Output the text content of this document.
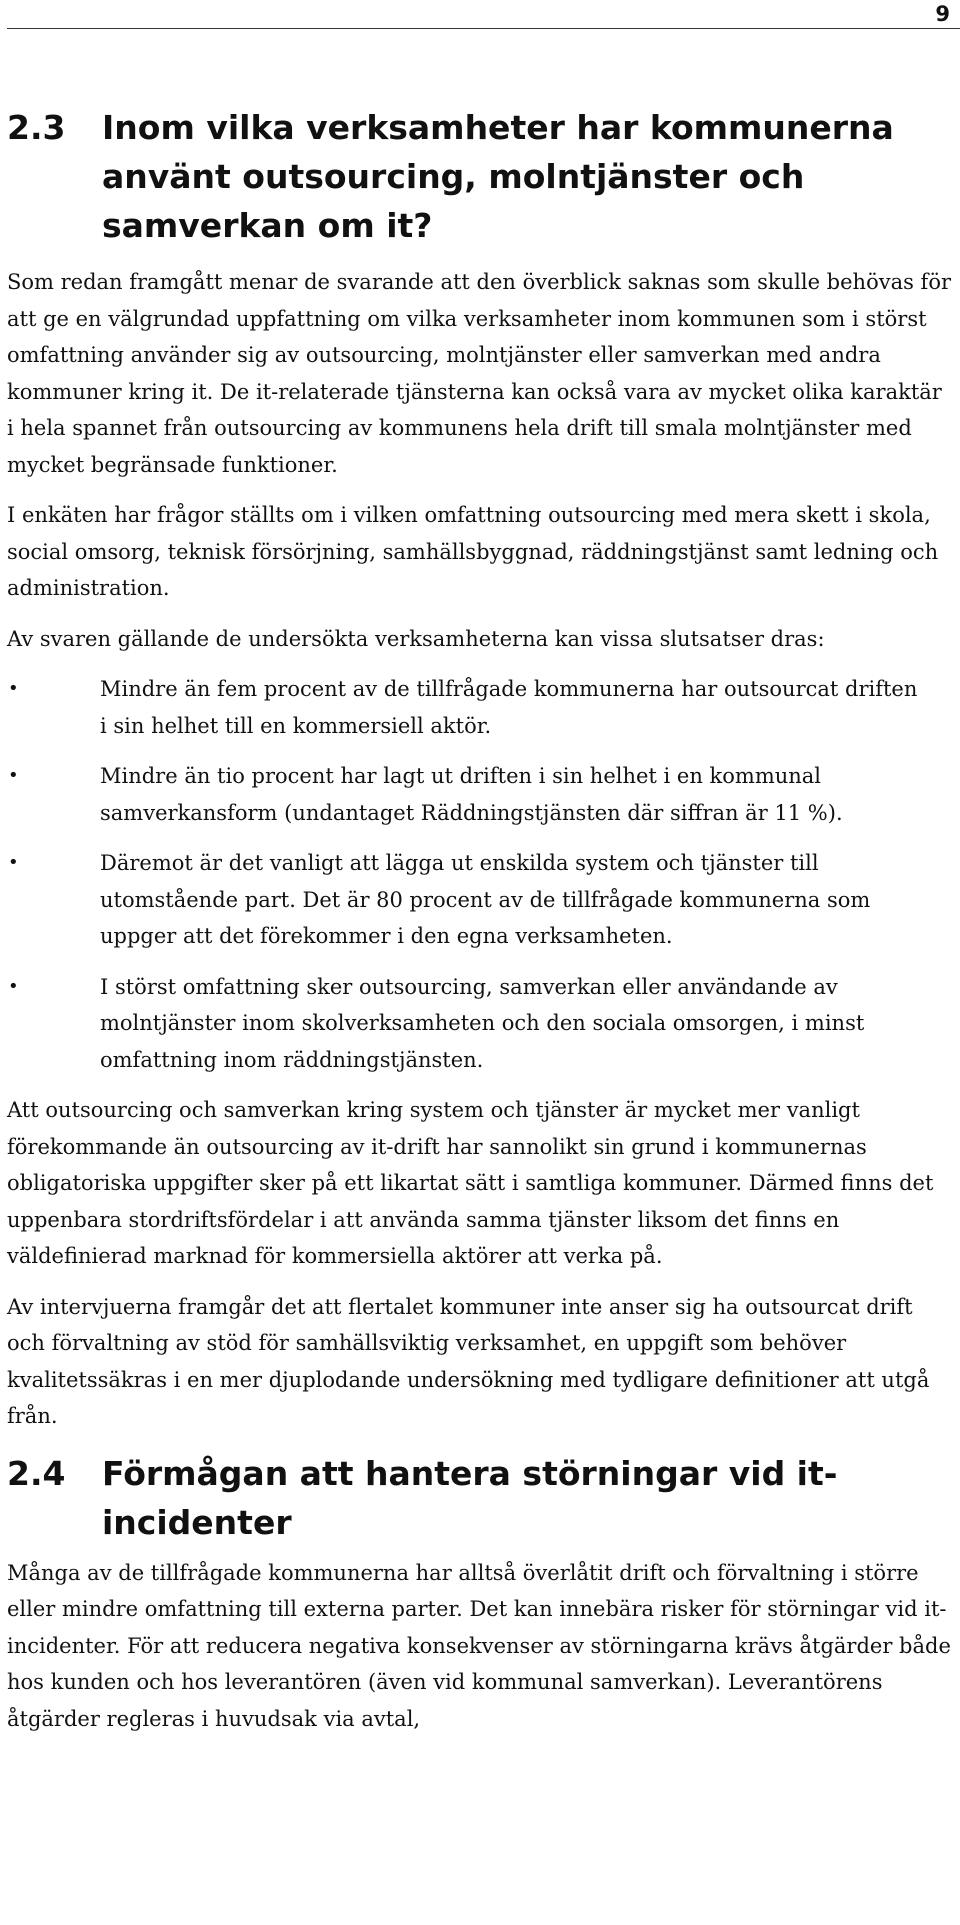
9
2.3	Inom vilka verksamheter har kommunerna använt outsourcing, molntjänster och samverkan om it?

Som redan framgått menar de svarande att den överblick saknas som skulle behövas för att ge en välgrundad uppfattning om vilka verksamheter inom kommunen som i störst omfattning använder sig av outsourcing, molntjänster eller samverkan med andra kommuner kring it. De it-relaterade tjänsterna kan också vara av mycket olika karaktär i hela spannet från outsourcing av kommunens hela drift till smala molntjänster med mycket begränsade funktioner.

I enkäten har frågor ställts om i vilken omfattning outsourcing med mera skett i skola, social omsorg, teknisk försörjning, samhällsbyggnad, räddningstjänst samt ledning och administration.

Av svaren gällande de undersökta verksamheterna kan vissa slutsatser dras:

•	Mindre än fem procent av de tillfrågade kommunerna har outsourcat driften i sin helhet till en kommersiell aktör.
•	Mindre än tio procent har lagt ut driften i sin helhet i en kommunal samverkansform (undantaget Räddningstjänsten där siffran är 11 %).
•	Däremot är det vanligt att lägga ut enskilda system och tjänster till utomstående part. Det är 80 procent av de tillfrågade kommunerna som uppger att det förekommer i den egna verksamheten.
•	I störst omfattning sker outsourcing, samverkan eller användande av molntjänster inom skolverksamheten och den sociala omsorgen, i minst omfattning inom räddningstjänsten.

Att outsourcing och samverkan kring system och tjänster är mycket mer vanligt förekommande än outsourcing av it-drift har sannolikt sin grund i kommunernas obligatoriska uppgifter sker på ett likartat sätt i samtliga kommuner. Därmed finns det uppenbara stordriftsfördelar i att använda samma tjänster liksom det finns en väldefinierad marknad för kommersiella aktörer att verka på.

Av intervjuerna framgår det att flertalet kommuner inte anser sig ha outsourcat drift och förvaltning av stöd för samhällsviktig verksamhet, en uppgift som behöver kvalitetssäkras i en mer djuplodande undersökning med tydligare definitioner att utgå från.

2.4	Förmågan att hantera störningar vid it-incidenter

Många av de tillfrågade kommunerna har alltså överlåtit drift och förvaltning i större eller mindre omfattning till externa parter. Det kan innebära risker för störningar vid it-incidenter. För att reducera negativa konsekvenser av störningarna krävs åtgärder både hos kunden och hos leverantören (även vid kommunal samverkan). Leverantörens åtgärder regleras i huvudsak via avtal,
